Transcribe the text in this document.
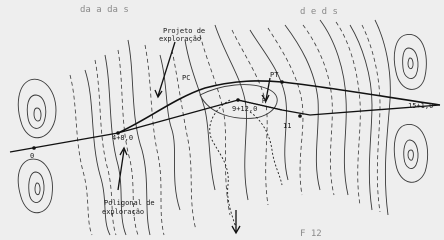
da a da s	d e d s
Projeto de
exploração
Poligonal de
exploração
PC	PT
0
4+8,0
9+12,0
11
15+1,0
R
F 12
